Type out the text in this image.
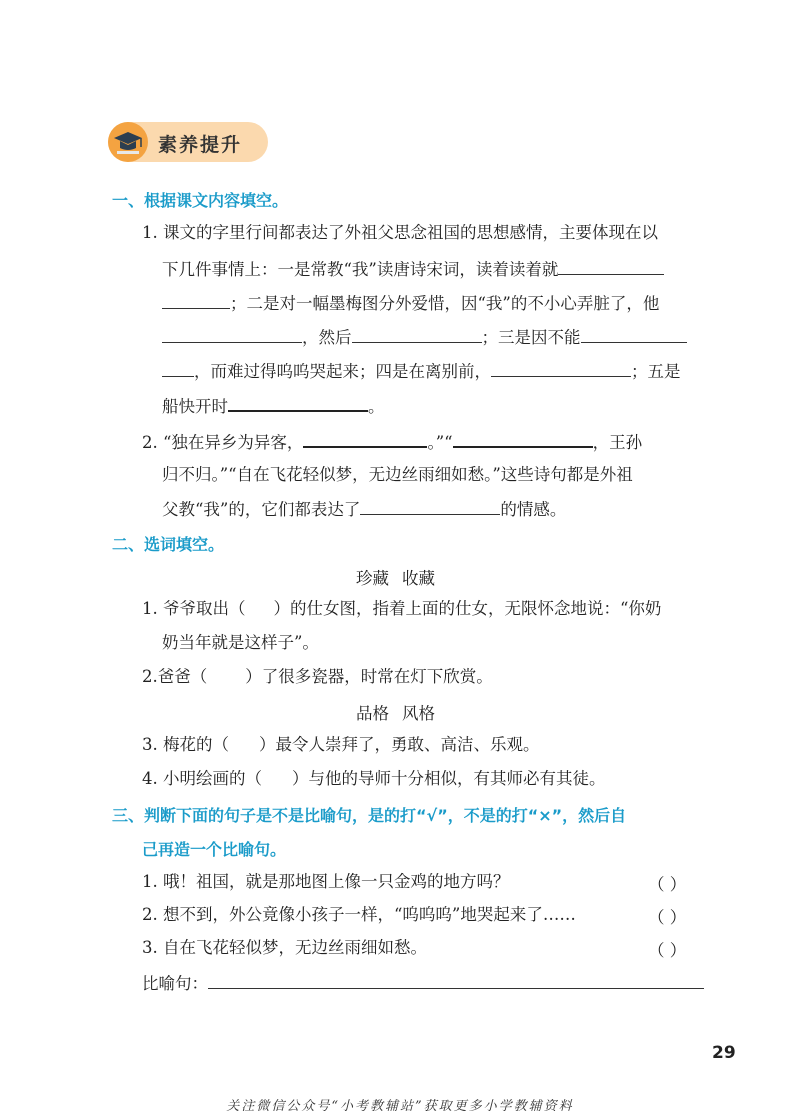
素养提升
一、根据课文内容填空。
1. 课文的字里行间都表达了外祖父思念祖国的思想感情，主要体现在以
下几件事情上：一是常教“我”读唐诗宋词，读着读着就
；二是对一幅墨梅图分外爱惜，因“我”的不小心弄脏了，他
，然后	；三是因不能
，而难过得呜呜哭起来；四是在离别前，	；五是
船快开时	。
2. “独在异乡为异客，	。”“	，王孙
归不归。”“自在飞花轻似梦，无边丝雨细如愁。”这些诗句都是外祖
父教“我”的，它们都表达了	的情感。
二、选词填空。
珍藏 收藏
1. 爷爷取出（ ）的仕女图，指着上面的仕女，无限怀念地说：“你奶
奶当年就是这样子”。
2.爸爸（ ）了很多瓷器，时常在灯下欣赏。
品格 风格
3. 梅花的（ ）最令人崇拜了，勇敢、高洁、乐观。
4. 小明绘画的（ ）与他的导师十分相似，有其师必有其徒。
三、判断下面的句子是不是比喻句，是的打“√”，不是的打“×”，然后自
己再造一个比喻句。
1. 哦！祖国，就是那地图上像一只金鸡的地方吗？	（ ）
2. 想不到，外公竟像小孩子一样，“呜呜呜”地哭起来了……	（ ）
3. 自在飞花轻似梦，无边丝雨细如愁。	（ ）
比喻句：
29
关注微信公众号“小考教辅站”获取更多小学教辅资料
